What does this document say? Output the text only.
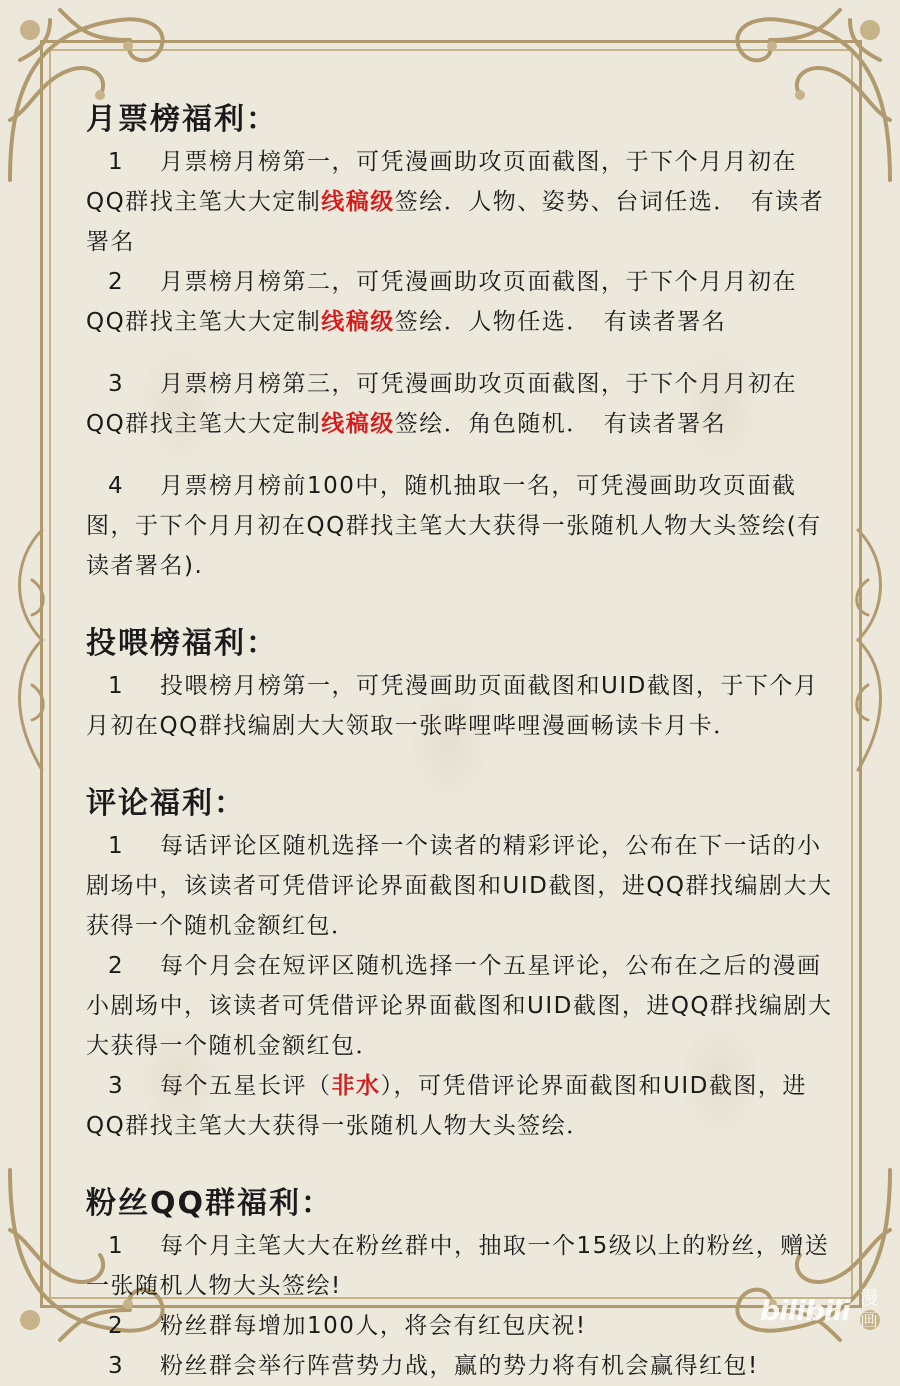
月票榜福利：

1 月票榜月榜第一，可凭漫画助攻页面截图，于下个月月初在QQ群找主笔大大定制线稿级签绘．人物、姿势、台词任选．　有读者署名

2 月票榜月榜第二，可凭漫画助攻页面截图，于下个月月初在QQ群找主笔大大定制线稿级签绘．人物任选．　有读者署名

3 月票榜月榜第三，可凭漫画助攻页面截图，于下个月月初在QQ群找主笔大大定制线稿级签绘．角色随机．　有读者署名

4 月票榜月榜前100中，随机抽取一名，可凭漫画助攻页面截图，于下个月月初在QQ群找主笔大大获得一张随机人物大头签绘(有读者署名).

投喂榜福利：

1 投喂榜月榜第一，可凭漫画助页面截图和UID截图，于下个月月初在QQ群找编剧大大领取一张哔哩哔哩漫画畅读卡月卡．

评论福利：

1 每话评论区随机选择一个读者的精彩评论，公布在下一话的小剧场中，该读者可凭借评论界面截图和UID截图，进QQ群找编剧大大获得一个随机金额红包．

2 每个月会在短评区随机选择一个五星评论，公布在之后的漫画小剧场中，该读者可凭借评论界面截图和UID截图，进QQ群找编剧大大获得一个随机金额红包．

3 每个五星长评（非水），可凭借评论界面截图和UID截图，进QQ群找主笔大大获得一张随机人物大头签绘．

粉丝QQ群福利：

1 每个月主笔大大在粉丝群中，抽取一个15级以上的粉丝，赠送一张随机人物大头签绘!

2 粉丝群每增加100人，将会有红包庆祝!

3 粉丝群会举行阵营势力战，赢的势力将有机会赢得红包!

bilibili 漫画
